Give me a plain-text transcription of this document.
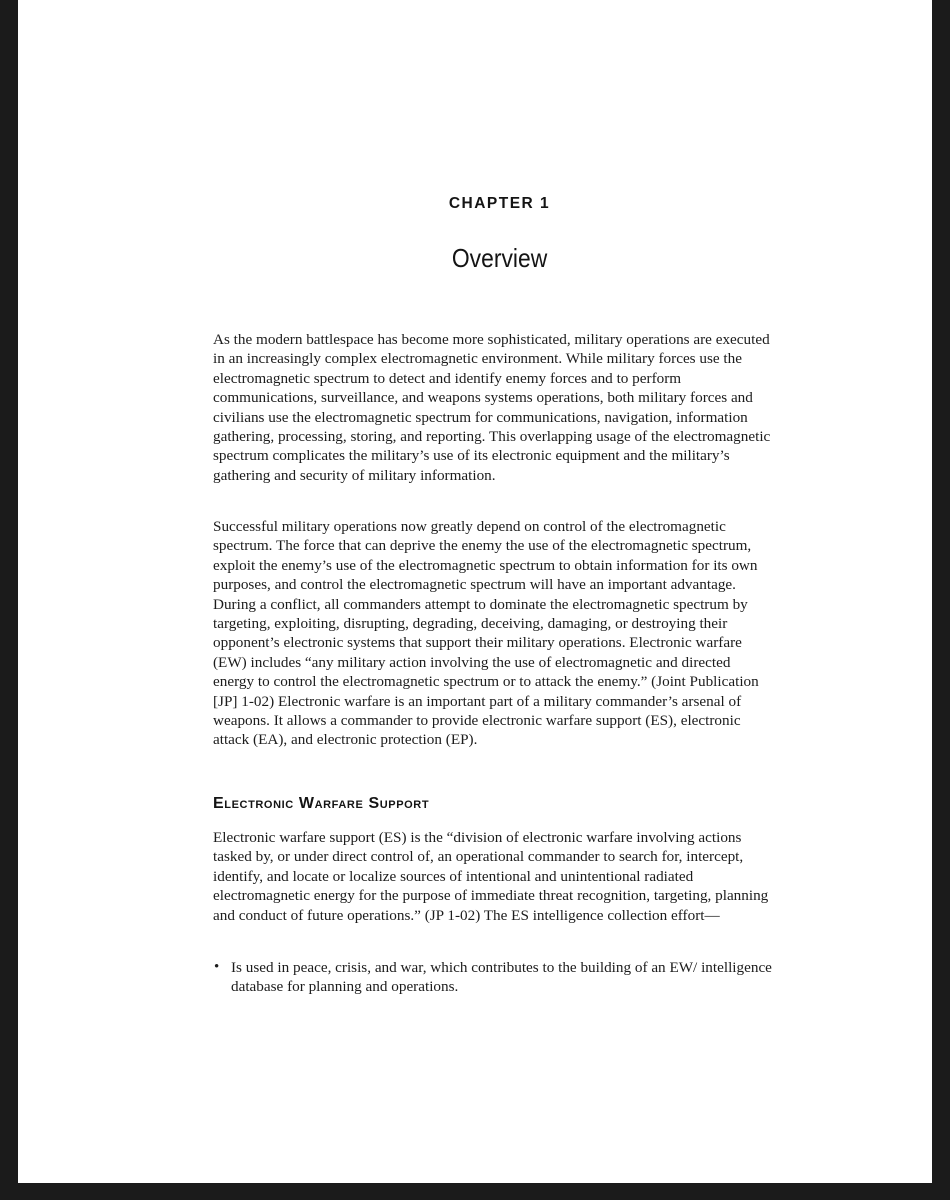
CHAPTER 1
Overview

As the modern battlespace has become more sophisticated, military operations are executed in an increasingly complex electromagnetic environment. While military forces use the electromagnetic spectrum to detect and identify enemy forces and to perform communications, surveillance, and weapons systems operations, both military forces and civilians use the electromagnetic spectrum for communications, navigation, information gathering, processing, storing, and reporting. This overlapping usage of the electromagnetic spectrum complicates the military’s use of its electronic equipment and the military’s gathering and security of military information.

Successful military operations now greatly depend on control of the electromagnetic spectrum. The force that can deprive the enemy the use of the electromagnetic spectrum, exploit the enemy’s use of the electromagnetic spectrum to obtain information for its own purposes, and control the electromagnetic spectrum will have an important advantage. During a conflict, all commanders attempt to dominate the electromagnetic spectrum by targeting, exploiting, disrupting, degrading, deceiving, damaging, or destroying their opponent’s electronic systems that support their military operations. Electronic warfare (EW) includes “any military action involving the use of electromagnetic and directed energy to control the electromagnetic spectrum or to attack the enemy.” (Joint Publication [JP] 1-02) Electronic warfare is an important part of a military commander’s arsenal of weapons. It allows a commander to provide electronic warfare support (ES), electronic attack (EA), and electronic protection (EP).

Electronic Warfare Support

Electronic warfare support (ES) is the “division of electronic warfare involving actions tasked by, or under direct control of, an operational commander to search for, intercept, identify, and locate or localize sources of intentional and unintentional radiated electromagnetic energy for the purpose of immediate threat recognition, targeting, planning and conduct of future operations.” (JP 1-02) The ES intelligence collection effort—

• Is used in peace, crisis, and war, which contributes to the building of an EW/ intelligence database for planning and operations.
